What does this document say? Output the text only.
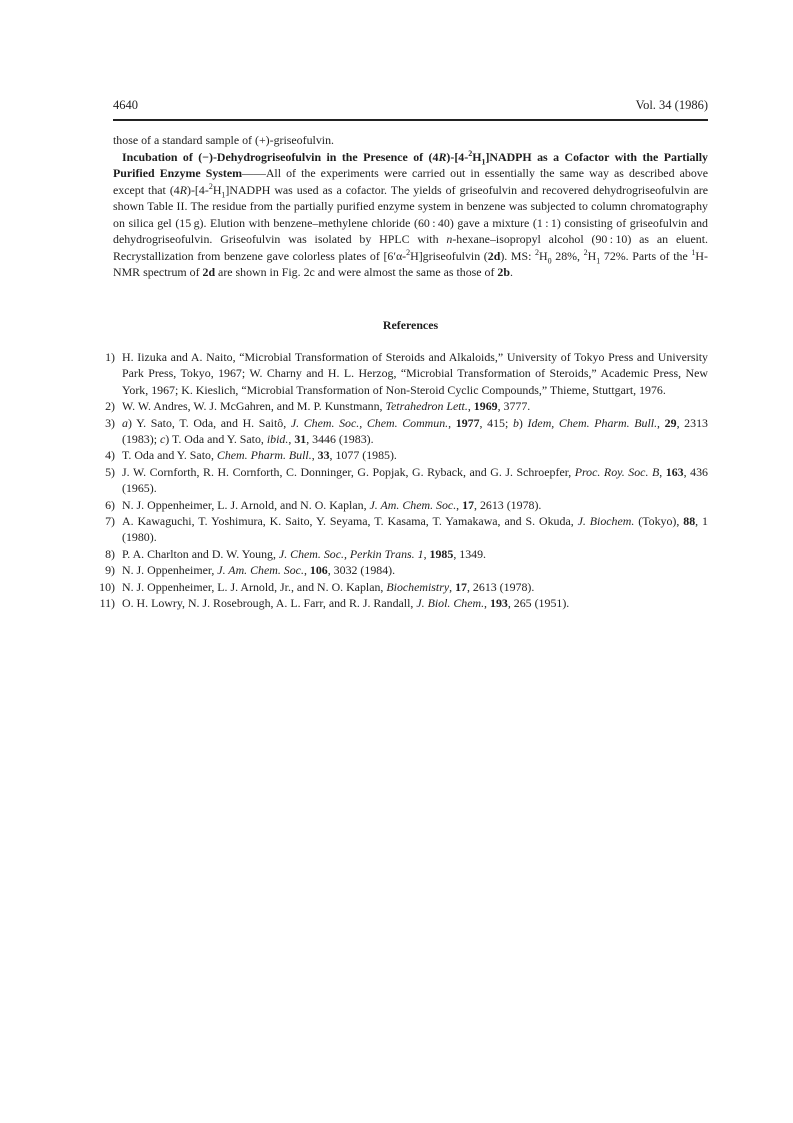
4640	Vol. 34 (1986)

those of a standard sample of (+)-griseofulvin.

Incubation of (−)-Dehydrogriseofulvin in the Presence of $(4R)-[4-^2H_1]NADPH$ as a Cofactor with the Partially Purified Enzyme System——All of the experiments were carried out in essentially the same way as described above except that $(4R)-[4-^2H_1]NADPH$ was used as a cofactor. The yields of griseofulvin and recovered dehydrogriseofulvin are shown Table II. The residue from the partially purified enzyme system in benzene was subjected to column chromatography on silica gel (15 g). Elution with benzene–methylene chloride (60 : 40) gave a mixture (1 : 1) consisting of griseofulvin and dehydrogriseofulvin. Griseofulvin was isolated by HPLC with n-hexane–isopropyl alcohol (90 : 10) as an eluent. Recrystallization from benzene gave colorless plates of [6′α-$^2$H]griseofulvin (2d). MS: $^2H_0$ 28%, $^2H_1$ 72%. Parts of the $^1$H-NMR spectrum of 2d are shown in Fig. 2c and were almost the same as those of 2b.

References
1) H. Iizuka and A. Naito, “Microbial Transformation of Steroids and Alkaloids,” University of Tokyo Press and University Park Press, Tokyo, 1967; W. Charny and H. L. Herzog, “Microbial Transformation of Steroids,” Academic Press, New York, 1967; K. Kieslich, “Microbial Transformation of Non-Steroid Cyclic Compounds,” Thieme, Stuttgart, 1976.
2) W. W. Andres, W. J. McGahren, and M. P. Kunstmann, Tetrahedron Lett., 1969, 3777.
3) a) Y. Sato, T. Oda, and H. Saitô, J. Chem. Soc., Chem. Commun., 1977, 415; b) Idem, Chem. Pharm. Bull., 29, 2313 (1983); c) T. Oda and Y. Sato, ibid., 31, 3446 (1983).
4) T. Oda and Y. Sato, Chem. Pharm. Bull., 33, 1077 (1985).
5) J. W. Cornforth, R. H. Cornforth, C. Donninger, G. Popjak, G. Ryback, and G. J. Schroepfer, Proc. Roy. Soc. B, 163, 436 (1965).
6) N. J. Oppenheimer, L. J. Arnold, and N. O. Kaplan, J. Am. Chem. Soc., 17, 2613 (1978).
7) A. Kawaguchi, T. Yoshimura, K. Saito, Y. Seyama, T. Kasama, T. Yamakawa, and S. Okuda, J. Biochem. (Tokyo), 88, 1 (1980).
8) P. A. Charlton and D. W. Young, J. Chem. Soc., Perkin Trans. 1, 1985, 1349.
9) N. J. Oppenheimer, J. Am. Chem. Soc., 106, 3032 (1984).
10) N. J. Oppenheimer, L. J. Arnold, Jr., and N. O. Kaplan, Biochemistry, 17, 2613 (1978).
11) O. H. Lowry, N. J. Rosebrough, A. L. Farr, and R. J. Randall, J. Biol. Chem., 193, 265 (1951).
